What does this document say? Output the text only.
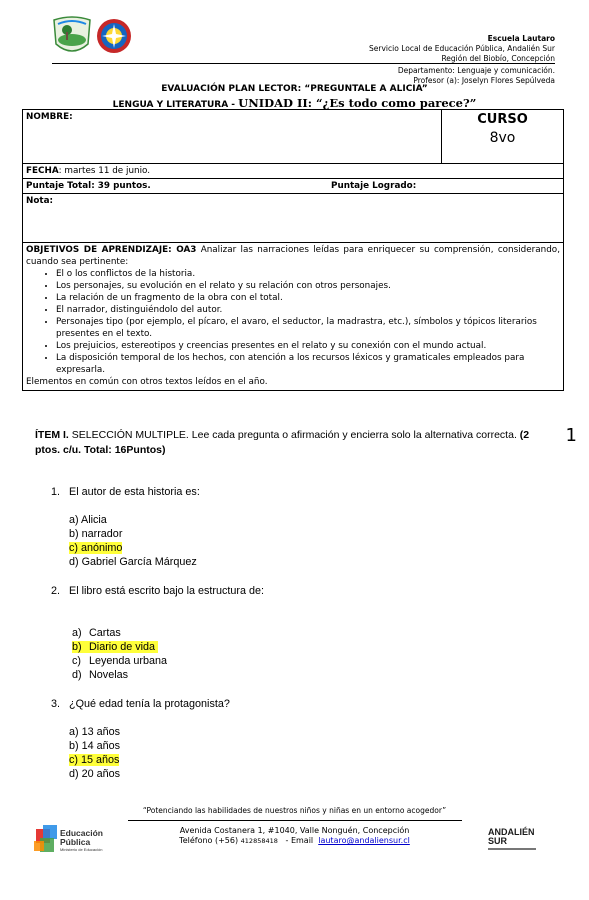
Escuela Lautaro
Servicio Local de Educación Pública, Andalién Sur
Región del Biobío, Concepción
Departamento: Lenguaje y comunicación.
Profesor (a): Joselyn Flores Sepúlveda
EVALUACIÓN PLAN LECTOR: “PREGUNTALE A ALICIA”
LENGUA Y LITERATURA - UNIDAD II: “¿Es todo como parece?”
NOMBRE:	CURSO
8vo

FECHA: martes 11 de junio.
Puntaje Total: 39 puntos.	Puntaje Logrado:
Nota:

OBJETIVOS DE APRENDIZAJE: OA3 Analizar las narraciones leídas para enriquecer su comprensión, considerando, cuando sea pertinente:

• El o los conflictos de la historia.
• Los personajes, su evolución en el relato y su relación con otros personajes.
• La relación de un fragmento de la obra con el total.
• El narrador, distinguiéndolo del autor.
• Personajes tipo (por ejemplo, el pícaro, el avaro, el seductor, la madrastra, etc.), símbolos y tópicos literarios presentes en el texto.
• Los prejuicios, estereotipos y creencias presentes en el relato y su conexión con el mundo actual.
• La disposición temporal de los hechos, con atención a los recursos léxicos y gramaticales empleados para expresarla.

Elementos en común con otros textos leídos en el año.

1
ÍTEM I. SELECCIÓN MULTIPLE. Lee cada pregunta o afirmación y encierra solo la alternativa correcta. (2 ptos. c/u. Total: 16Puntos)
1. El autor de esta historia es:
a) Alicia
b) narrador
c) anónimo
d) Gabriel García Márquez
2. El libro está escrito bajo la estructura de:
a) Cartas
b) Diario de vida
c) Leyenda urbana
d) Novelas
3. ¿Qué edad tenía la protagonista?
a) 13 años
b) 14 años
c) 15 años
d) 20 años
“Potenciando las habilidades de nuestros niños y niñas en un entorno acogedor”
Avenida Costanera 1, #1040, Valle Nonguén, Concepción
Teléfono (+56) 412858418   - Email  lautaro@andaliensur.cl
Educación
Pública
Ministerio de Educación
ANDALIÉN
SUR
